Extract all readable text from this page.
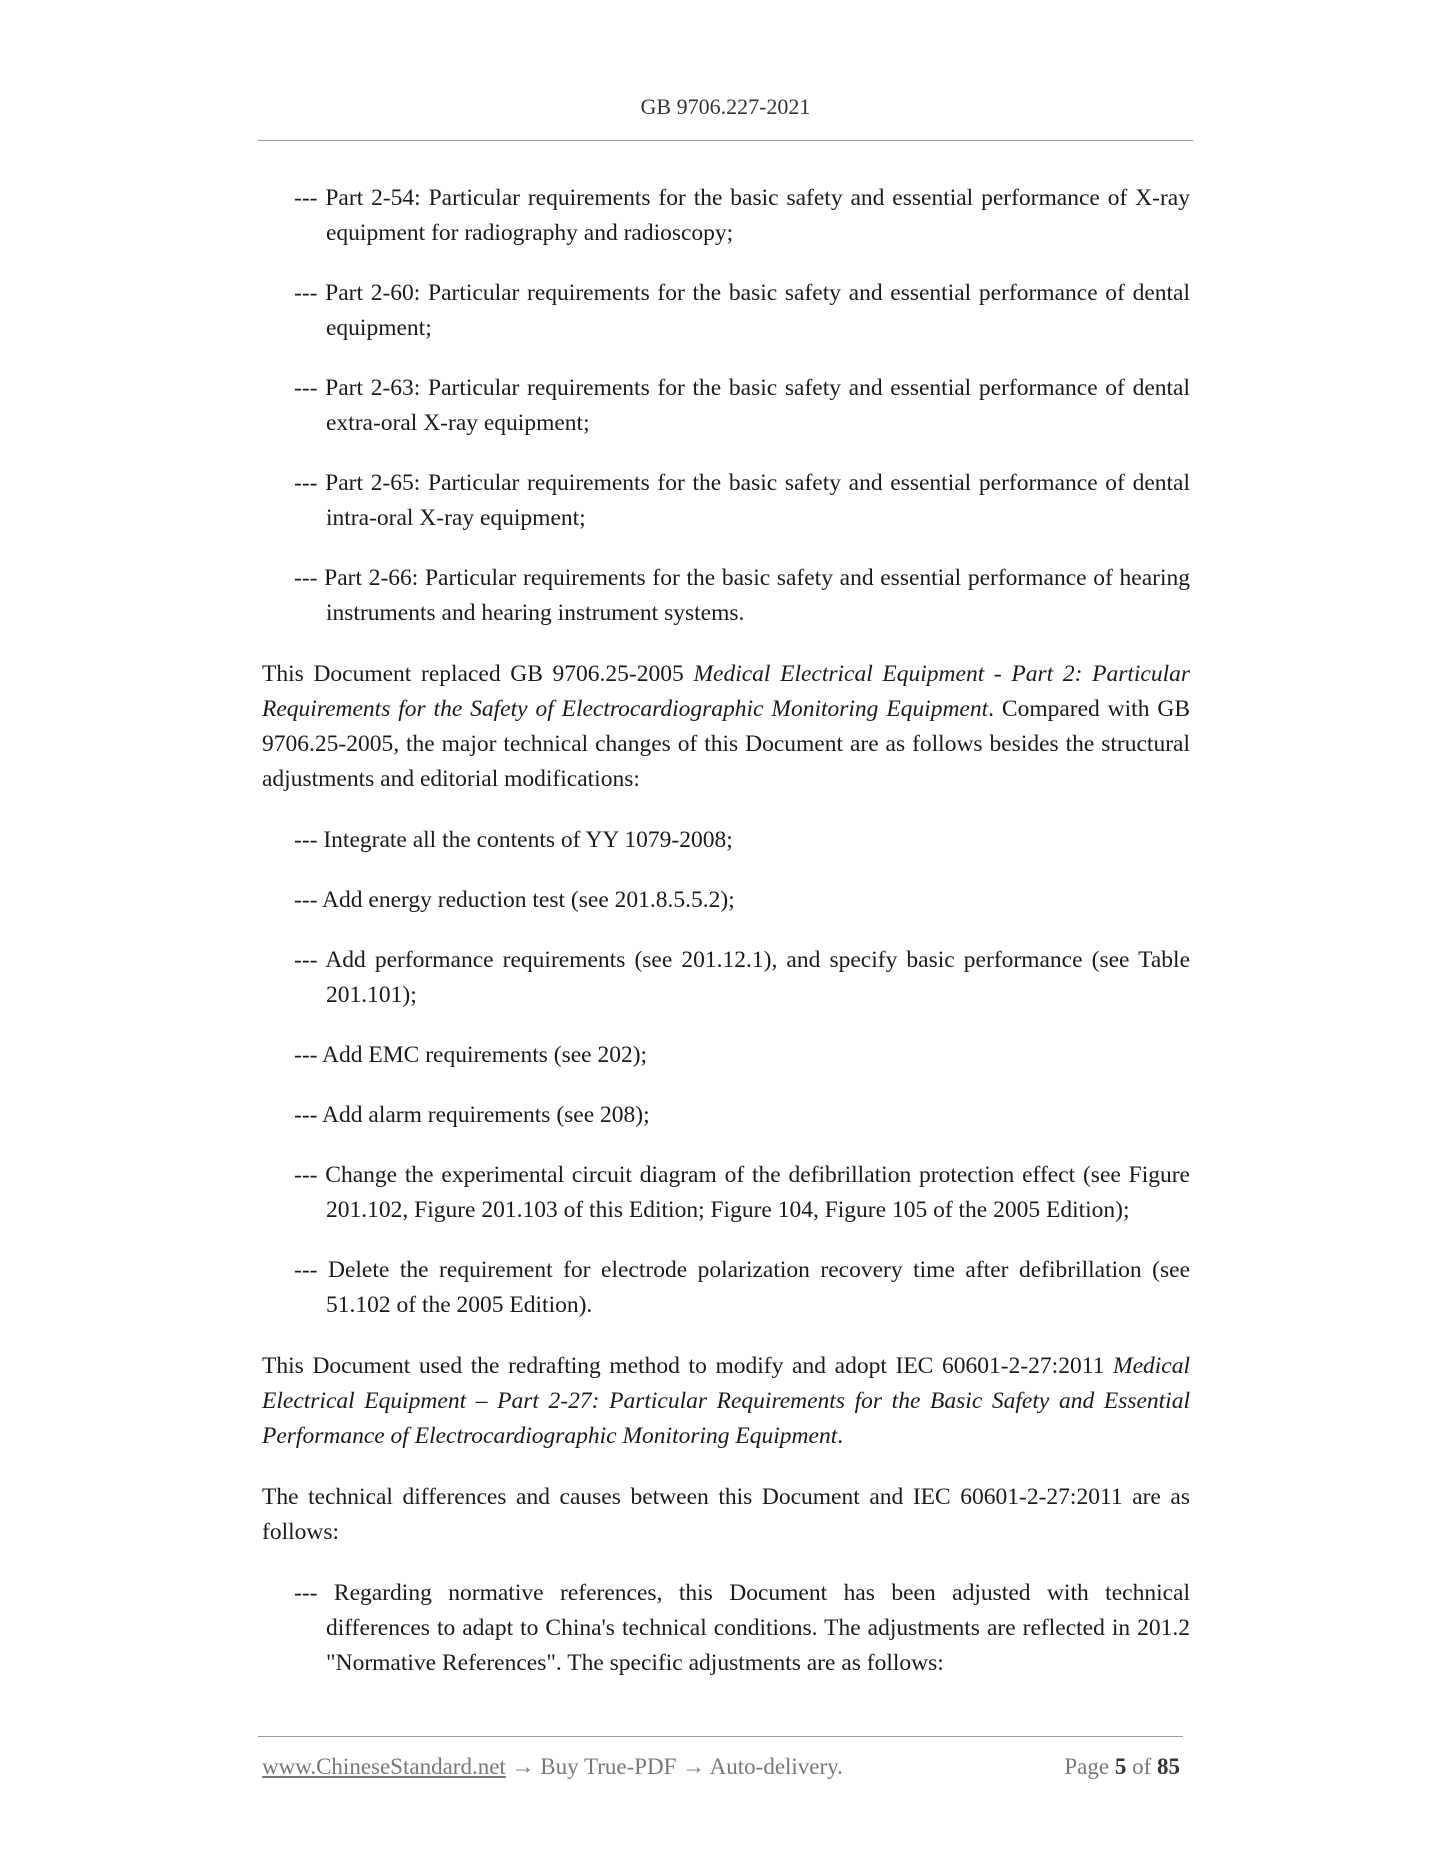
GB 9706.227-2021
--- Part 2-54: Particular requirements for the basic safety and essential performance of X-ray equipment for radiography and radioscopy;
--- Part 2-60: Particular requirements for the basic safety and essential performance of dental equipment;
--- Part 2-63: Particular requirements for the basic safety and essential performance of dental extra-oral X-ray equipment;
--- Part 2-65: Particular requirements for the basic safety and essential performance of dental intra-oral X-ray equipment;
--- Part 2-66: Particular requirements for the basic safety and essential performance of hearing instruments and hearing instrument systems.

This Document replaced GB 9706.25-2005 Medical Electrical Equipment - Part 2: Particular Requirements for the Safety of Electrocardiographic Monitoring Equipment. Compared with GB 9706.25-2005, the major technical changes of this Document are as follows besides the structural adjustments and editorial modifications:

--- Integrate all the contents of YY 1079-2008;
--- Add energy reduction test (see 201.8.5.5.2);
--- Add performance requirements (see 201.12.1), and specify basic performance (see Table 201.101);
--- Add EMC requirements (see 202);
--- Add alarm requirements (see 208);
--- Change the experimental circuit diagram of the defibrillation protection effect (see Figure 201.102, Figure 201.103 of this Edition; Figure 104, Figure 105 of the 2005 Edition);
--- Delete the requirement for electrode polarization recovery time after defibrillation (see 51.102 of the 2005 Edition).

This Document used the redrafting method to modify and adopt IEC 60601-2-27:2011 Medical Electrical Equipment – Part 2-27: Particular Requirements for the Basic Safety and Essential Performance of Electrocardiographic Monitoring Equipment.

The technical differences and causes between this Document and IEC 60601-2-27:2011 are as follows:

--- Regarding normative references, this Document has been adjusted with technical differences to adapt to China's technical conditions. The adjustments are reflected in 201.2 "Normative References". The specific adjustments are as follows:
www.ChineseStandard.net → Buy True-PDF → Auto-delivery.	Page 5 of 85
